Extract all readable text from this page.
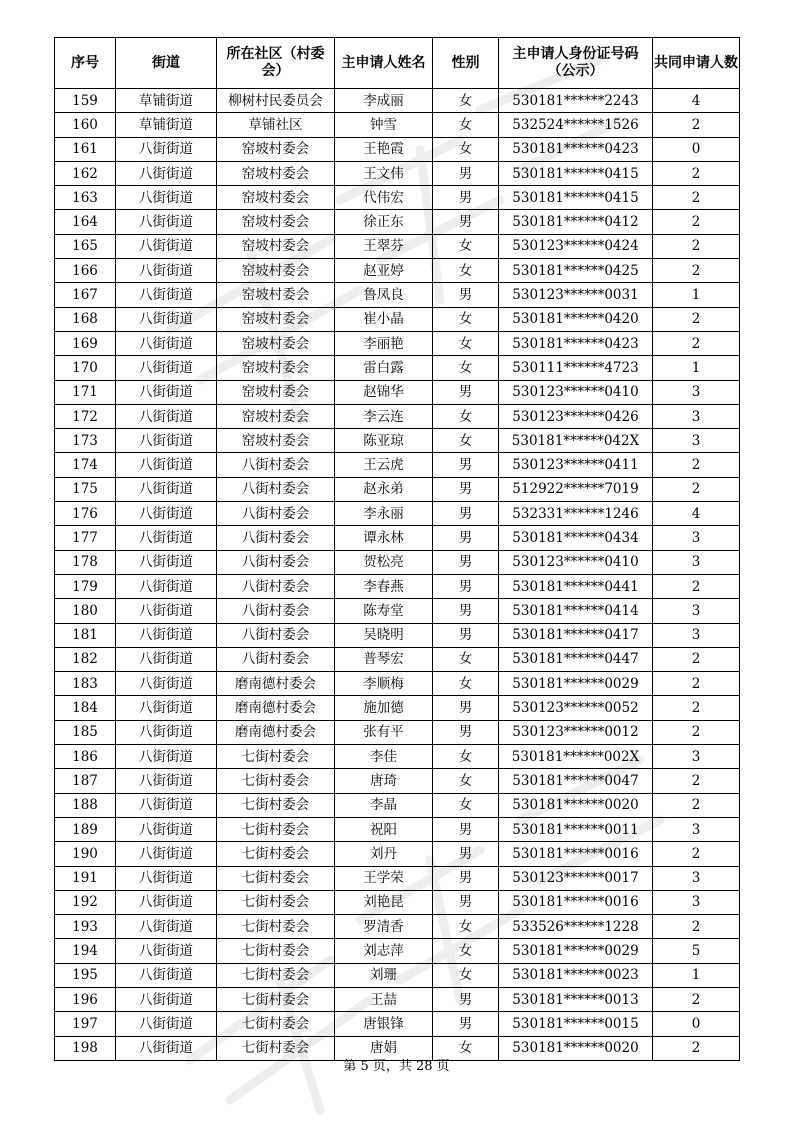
序号	街道	所在社区（村委会）	主申请人姓名	性别	主申请人身份证号码（公示）	共同申请人数
159	草铺街道	柳树村民委员会	李成丽	女	530181******2243	4
160	草铺街道	草铺社区	钟雪	女	532524******1526	2
161	八街街道	窑坡村委会	王艳霞	女	530181******0423	0
162	八街街道	窑坡村委会	王文伟	男	530181******0415	2
163	八街街道	窑坡村委会	代伟宏	男	530181******0415	2
164	八街街道	窑坡村委会	徐正东	男	530181******0412	2
165	八街街道	窑坡村委会	王翠芬	女	530123******0424	2
166	八街街道	窑坡村委会	赵亚婷	女	530181******0425	2
167	八街街道	窑坡村委会	鲁凤良	男	530123******0031	1
168	八街街道	窑坡村委会	崔小晶	女	530181******0420	2
169	八街街道	窑坡村委会	李丽艳	女	530181******0423	2
170	八街街道	窑坡村委会	雷白露	女	530111******4723	1
171	八街街道	窑坡村委会	赵锦华	男	530123******0410	3
172	八街街道	窑坡村委会	李云连	女	530123******0426	3
173	八街街道	窑坡村委会	陈亚琼	女	530181******042X	3
174	八街街道	八街村委会	王云虎	男	530123******0411	2
175	八街街道	八街村委会	赵永弟	男	512922******7019	2
176	八街街道	八街村委会	李永丽	男	532331******1246	4
177	八街街道	八街村委会	谭永林	男	530181******0434	3
178	八街街道	八街村委会	贺松亮	男	530123******0410	3
179	八街街道	八街村委会	李春燕	男	530181******0441	2
180	八街街道	八街村委会	陈寿堂	男	530181******0414	3
181	八街街道	八街村委会	吴晓明	男	530181******0417	3
182	八街街道	八街村委会	普琴宏	女	530181******0447	2
183	八街街道	磨南德村委会	李顺梅	女	530181******0029	2
184	八街街道	磨南德村委会	施加德	男	530123******0052	2
185	八街街道	磨南德村委会	张有平	男	530123******0012	2
186	八街街道	七街村委会	李佳	女	530181******002X	3
187	八街街道	七街村委会	唐琦	女	530181******0047	2
188	八街街道	七街村委会	李晶	女	530181******0020	2
189	八街街道	七街村委会	祝阳	男	530181******0011	3
190	八街街道	七街村委会	刘丹	男	530181******0016	2
191	八街街道	七街村委会	王学荣	男	530123******0017	3
192	八街街道	七街村委会	刘艳昆	男	530181******0016	3
193	八街街道	七街村委会	罗清香	女	533526******1228	2
194	八街街道	七街村委会	刘志萍	女	530181******0029	5
195	八街街道	七街村委会	刘珊	女	530181******0023	1
196	八街街道	七街村委会	王喆	男	530181******0013	2
197	八街街道	七街村委会	唐银锋	男	530181******0015	0
198	八街街道	七街村委会	唐娟	女	530181******0020	2
第 5 页，共 28 页
